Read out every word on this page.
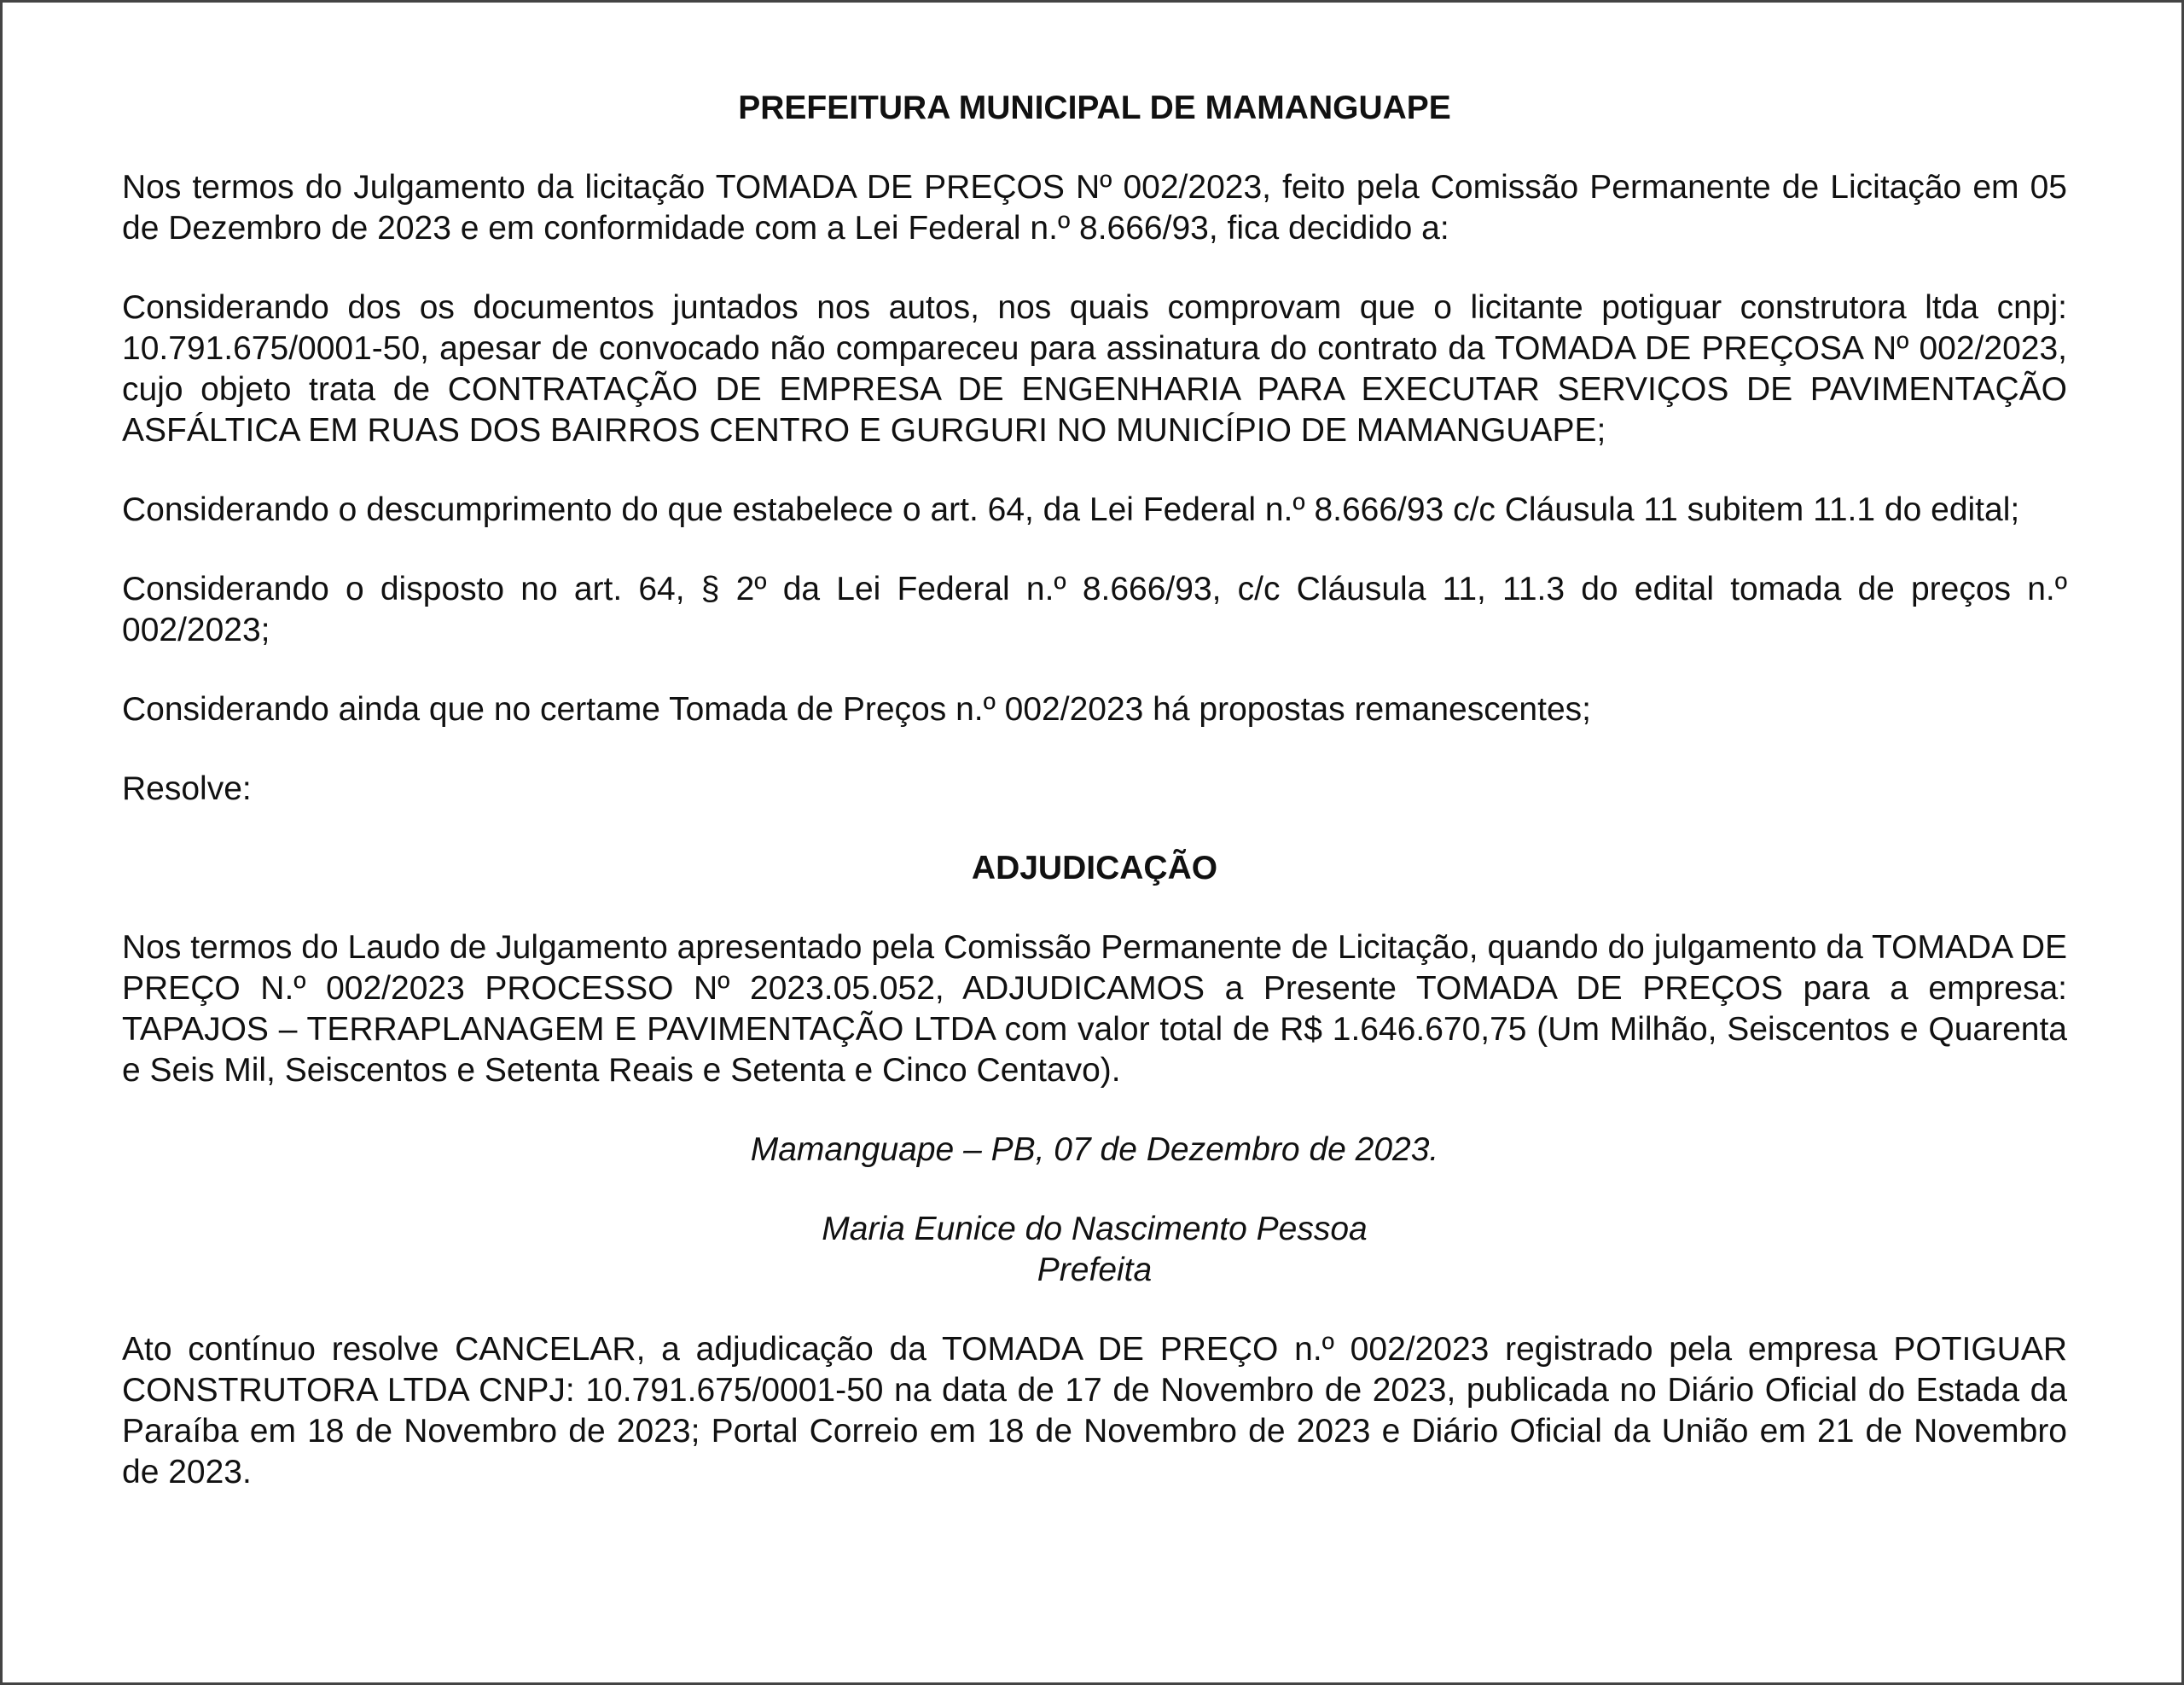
PREFEITURA MUNICIPAL DE MAMANGUAPE

Nos termos do Julgamento da licitação TOMADA DE PREÇOS Nº 002/2023, feito pela Comissão Permanente de Licitação em 05 de Dezembro de 2023 e em conformidade com a Lei Federal n.º 8.666/93, fica decidido a:

Considerando dos os documentos juntados nos autos, nos quais comprovam que o licitante potiguar construtora ltda cnpj: 10.791.675/0001-50, apesar de convocado não compareceu para assinatura do contrato da TOMADA DE PREÇOSA Nº 002/2023, cujo objeto trata de CONTRATAÇÃO DE EMPRESA DE ENGENHARIA PARA EXECUTAR SERVIÇOS DE PAVIMENTAÇÃO ASFÁLTICA EM RUAS DOS BAIRROS CENTRO E GURGURI NO MUNICÍPIO DE MAMANGUAPE;

Considerando o descumprimento do que estabelece o art. 64, da Lei Federal n.º 8.666/93 c/c Cláusula 11 subitem 11.1 do edital;

Considerando o disposto no art. 64, § 2º da Lei Federal n.º 8.666/93, c/c Cláusula 11, 11.3 do edital tomada de preços n.º 002/2023;

Considerando ainda que no certame Tomada de Preços n.º 002/2023 há propostas remanescentes;

Resolve:

ADJUDICAÇÃO

Nos termos do Laudo de Julgamento apresentado pela Comissão Permanente de Licitação, quando do julgamento da TOMADA DE PREÇO N.º 002/2023 PROCESSO Nº 2023.05.052, ADJUDICAMOS a Presente TOMADA DE PREÇOS para a empresa: TAPAJOS – TERRAPLANAGEM E PAVIMENTAÇÃO LTDA com valor total de R$ 1.646.670,75 (Um Milhão, Seiscentos e Quarenta e Seis Mil, Seiscentos e Setenta Reais e Setenta e Cinco Centavo).

Mamanguape – PB, 07 de Dezembro de 2023.
Maria Eunice do Nascimento Pessoa
Prefeita

Ato contínuo resolve CANCELAR, a adjudicação da TOMADA DE PREÇO n.º 002/2023 registrado pela empresa POTIGUAR CONSTRUTORA LTDA CNPJ: 10.791.675/0001-50 na data de 17 de Novembro de 2023, publicada no Diário Oficial do Estada da Paraíba em 18 de Novembro de 2023; Portal Correio em 18 de Novembro de 2023 e Diário Oficial da União em 21 de Novembro de 2023.
